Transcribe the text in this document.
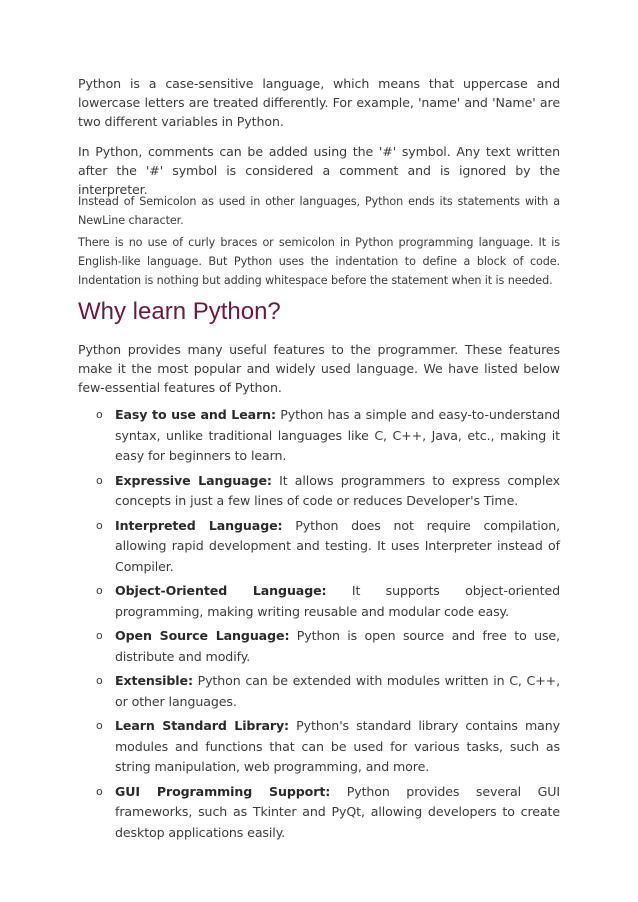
Python is a case-sensitive language, which means that uppercase and lowercase letters are treated differently. For example, 'name' and 'Name' are two different variables in Python.

In Python, comments can be added using the '#' symbol. Any text written after the '#' symbol is considered a comment and is ignored by the interpreter.

Instead of Semicolon as used in other languages, Python ends its statements with a NewLine character.

There is no use of curly braces or semicolon in Python programming language. It is English-like language. But Python uses the indentation to define a block of code. Indentation is nothing but adding whitespace before the statement when it is needed.

Why learn Python?

Python provides many useful features to the programmer. These features make it the most popular and widely used language. We have listed below few-essential features of Python.

o Easy to use and Learn: Python has a simple and easy-to-understand syntax, unlike traditional languages like C, C++, Java, etc., making it easy for beginners to learn.
o Expressive Language: It allows programmers to express complex concepts in just a few lines of code or reduces Developer's Time.
o Interpreted Language: Python does not require compilation, allowing rapid development and testing. It uses Interpreter instead of Compiler.
o Object-Oriented Language: It supports object-oriented programming, making writing reusable and modular code easy.
o Open Source Language: Python is open source and free to use, distribute and modify.
o Extensible: Python can be extended with modules written in C, C++, or other languages.
o Learn Standard Library: Python's standard library contains many modules and functions that can be used for various tasks, such as string manipulation, web programming, and more.
o GUI Programming Support: Python provides several GUI frameworks, such as Tkinter and PyQt, allowing developers to create desktop applications easily.
